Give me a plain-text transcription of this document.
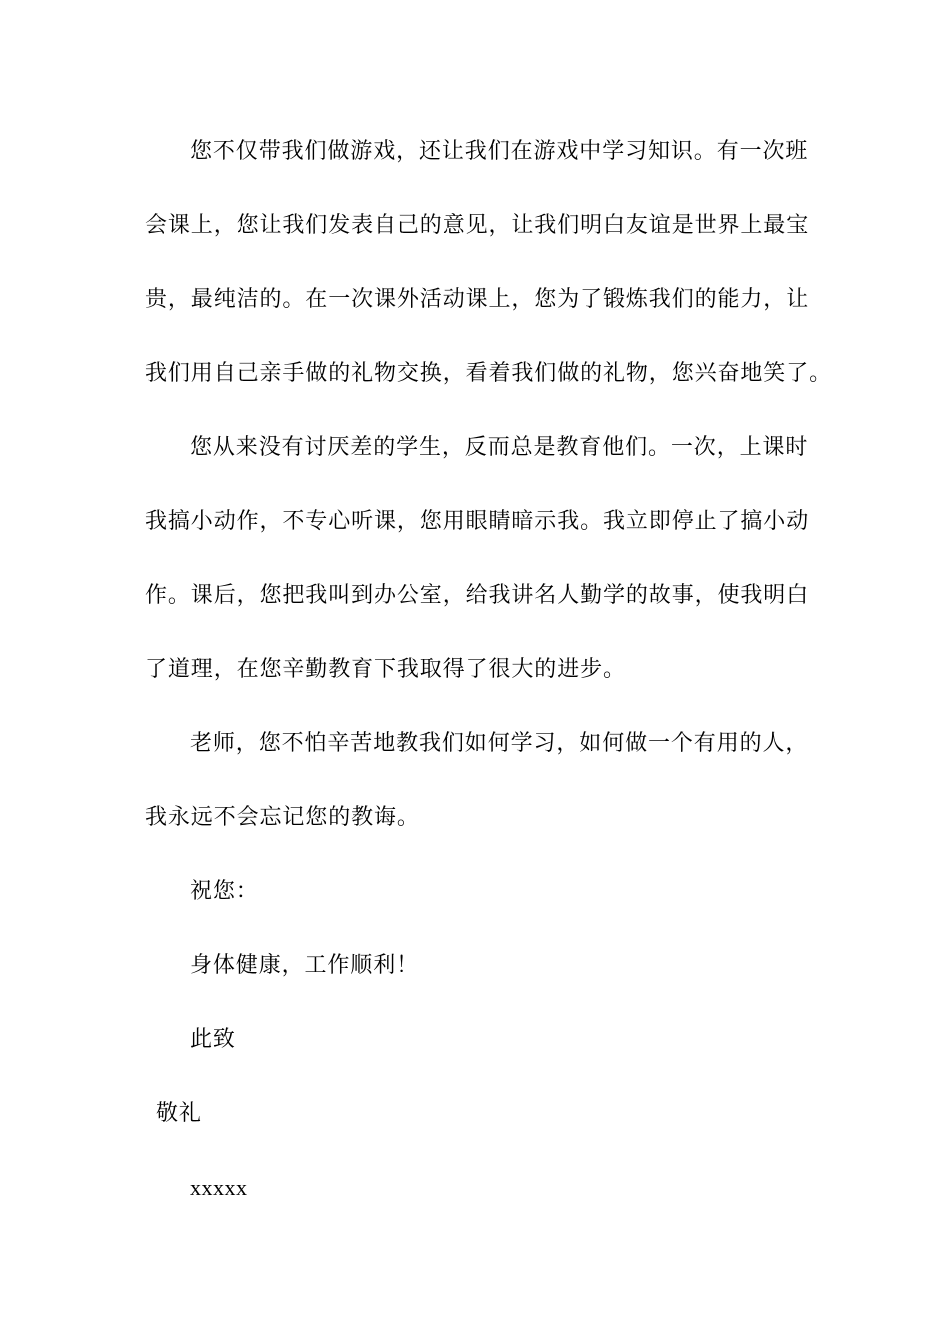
您不仅带我们做游戏，还让我们在游戏中学习知识。有一次班
会课上，您让我们发表自己的意见，让我们明白友谊是世界上最宝
贵，最纯洁的。在一次课外活动课上，您为了锻炼我们的能力，让
我们用自己亲手做的礼物交换，看着我们做的礼物，您兴奋地笑了。
您从来没有讨厌差的学生，反而总是教育他们。一次，上课时
我搞小动作，不专心听课，您用眼睛暗示我。我立即停止了搞小动
作。课后，您把我叫到办公室，给我讲名人勤学的故事，使我明白
了道理，在您辛勤教育下我取得了很大的进步。
老师，您不怕辛苦地教我们如何学习，如何做一个有用的人，
我永远不会忘记您的教诲。
祝您：
身体健康，工作顺利！
此致
敬礼
xxxxx
